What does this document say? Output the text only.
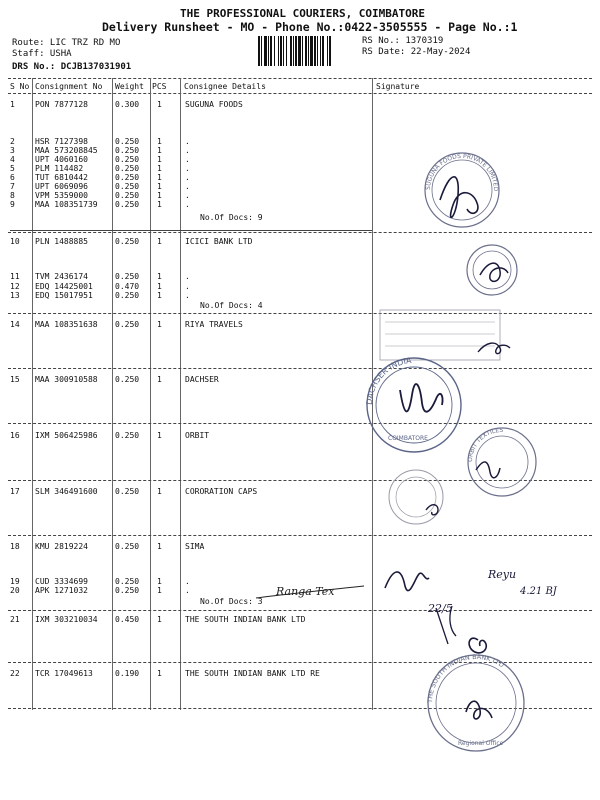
THE PROFESSIONAL COURIERS, COIMBATORE
Delivery Runsheet - MO - Phone No.:0422-3505555 - Page No.:1
Route: LIC TRZ RD MO
Staff: USHA
DRS No.: DCJB137031901
RS No.: 1370319
RS Date: 22-May-2024
S No Consignment No Weight PCS Consignee Details	Signature
1	PON 7877128	0.300 1	SUGUNA FOODS
2	HSR 7127398	0.250 1	.
3	MAA 573208845 0.250 1	.
4	UPT 4060160	0.250 1	.
5	PLM 114482	0.250 1	.
6	TUT 6810442	0.250 1	.
7	UPT 6069096	0.250 1	.
8	VPM 5359000	0.250 1	.
9	MAA 108351739 0.250 1	.
No.Of Docs: 9
10 PLN 1488885	0.250 1	ICICI BANK LTD
11 TVM 2436174	0.250 1	.
12 EDQ 14425001	0.470 1	.
13 EDQ 15017951	0.250 1	.
No.Of Docs: 4
14 MAA 108351638 0.250 1	RIYA TRAVELS
15 MAA 300910588 0.250 1	DACHSER
16 IXM 506425986 0.250 1	ORBIT
17 SLM 346491600 0.250 1	CORORATION CAPS
18 KMU 2819224	0.250 1	SIMA
19 CUD 3334699	0.250 1	.
20 APK 1271032	0.250 1	.
No.Of Docs: 3
21 IXM 303210034 0.450 1	THE SOUTH INDIAN BANK LTD
22 TCR 17049613	0.190 1	THE SOUTH INDIAN BANK LTD RE
SUGUNA FOODS PRIVATE LIMITED
DACHSER INDIA
COIMBATORE
ORBIT TEXTILES
Ranga Tex
22/5
Reyu
4.21 BJ
THE SOUTH INDIAN BANK LTD
Regional Office
